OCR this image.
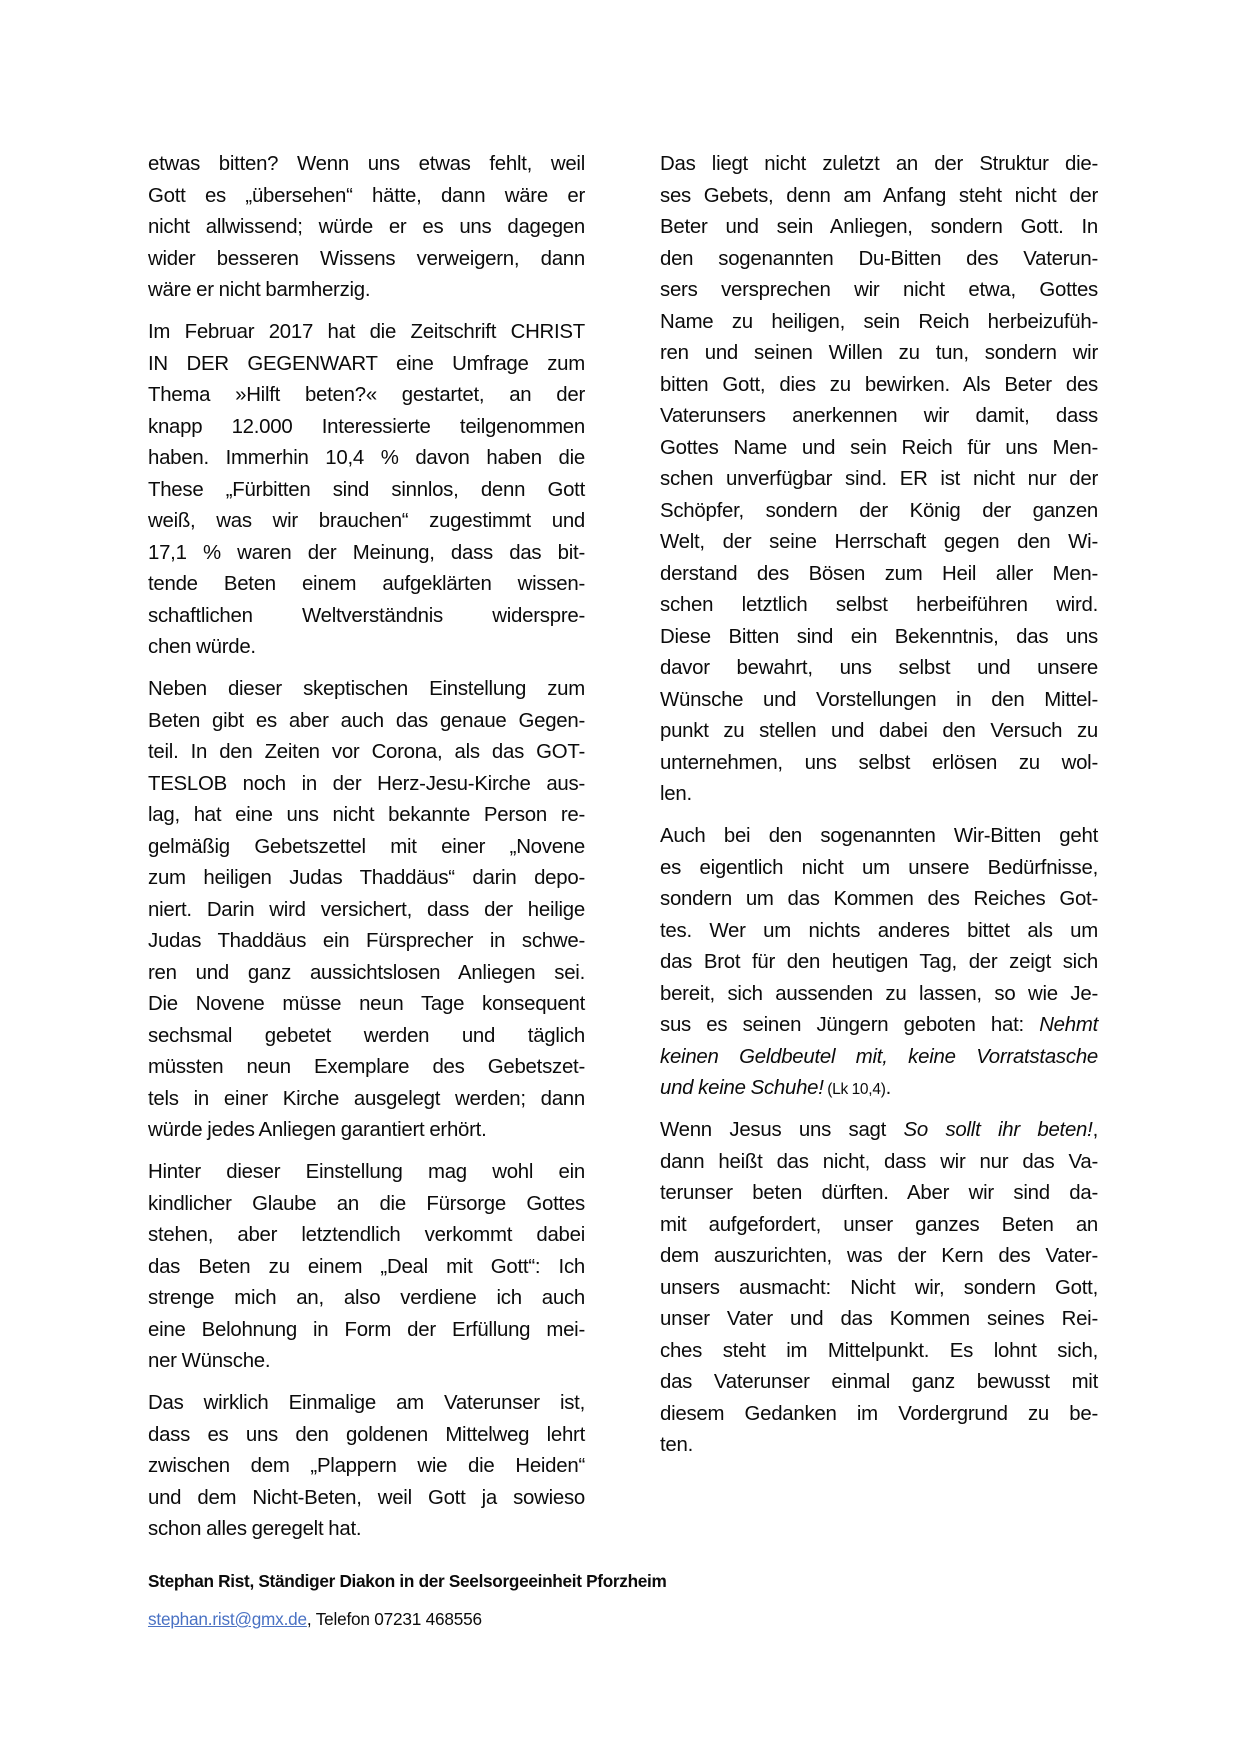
etwas bitten? Wenn uns etwas fehlt, weil
Gott es „übersehen“ hätte, dann wäre er
nicht allwissend; würde er es uns dagegen
wider besseren Wissens verweigern, dann
wäre er nicht barmherzig.
Im Februar 2017 hat die Zeitschrift CHRIST
IN DER GEGENWART eine Umfrage zum
Thema »Hilft beten?« gestartet, an der
knapp 12.000 Interessierte teilgenommen
haben. Immerhin 10,4 % davon haben die
These „Fürbitten sind sinnlos, denn Gott
weiß, was wir brauchen“ zugestimmt und
17,1 % waren der Meinung, dass das bit-
tende Beten einem aufgeklärten wissen-
schaftlichen Weltverständnis widerspre-
chen würde.
Neben dieser skeptischen Einstellung zum
Beten gibt es aber auch das genaue Gegen-
teil. In den Zeiten vor Corona, als das GOT-
TESLOB noch in der Herz-Jesu-Kirche aus-
lag, hat eine uns nicht bekannte Person re-
gelmäßig Gebetszettel mit einer „Novene
zum heiligen Judas Thaddäus“ darin depo-
niert. Darin wird versichert, dass der heilige
Judas Thaddäus ein Fürsprecher in schwe-
ren und ganz aussichtslosen Anliegen sei.
Die Novene müsse neun Tage konsequent
sechsmal gebetet werden und täglich
müssten neun Exemplare des Gebetszet-
tels in einer Kirche ausgelegt werden; dann
würde jedes Anliegen garantiert erhört.
Hinter dieser Einstellung mag wohl ein
kindlicher Glaube an die Fürsorge Gottes
stehen, aber letztendlich verkommt dabei
das Beten zu einem „Deal mit Gott“: Ich
strenge mich an, also verdiene ich auch
eine Belohnung in Form der Erfüllung mei-
ner Wünsche.
Das wirklich Einmalige am Vaterunser ist,
dass es uns den goldenen Mittelweg lehrt
zwischen dem „Plappern wie die Heiden“
und dem Nicht-Beten, weil Gott ja sowieso
schon alles geregelt hat.
Das liegt nicht zuletzt an der Struktur die-
ses Gebets, denn am Anfang steht nicht der
Beter und sein Anliegen, sondern Gott. In
den sogenannten Du-Bitten des Vaterun-
sers versprechen wir nicht etwa, Gottes
Name zu heiligen, sein Reich herbeizufüh-
ren und seinen Willen zu tun, sondern wir
bitten Gott, dies zu bewirken. Als Beter des
Vaterunsers anerkennen wir damit, dass
Gottes Name und sein Reich für uns Men-
schen unverfügbar sind. ER ist nicht nur der
Schöpfer, sondern der König der ganzen
Welt, der seine Herrschaft gegen den Wi-
derstand des Bösen zum Heil aller Men-
schen letztlich selbst herbeiführen wird.
Diese Bitten sind ein Bekenntnis, das uns
davor bewahrt, uns selbst und unsere
Wünsche und Vorstellungen in den Mittel-
punkt zu stellen und dabei den Versuch zu
unternehmen, uns selbst erlösen zu wol-
len.
Auch bei den sogenannten Wir-Bitten geht
es eigentlich nicht um unsere Bedürfnisse,
sondern um das Kommen des Reiches Got-
tes. Wer um nichts anderes bittet als um
das Brot für den heutigen Tag, der zeigt sich
bereit, sich aussenden zu lassen, so wie Je-
sus es seinen Jüngern geboten hat: Nehmt
keinen Geldbeutel mit, keine Vorratstasche
und keine Schuhe! (Lk 10,4).
Wenn Jesus uns sagt So sollt ihr beten!,
dann heißt das nicht, dass wir nur das Va-
terunser beten dürften. Aber wir sind da-
mit aufgefordert, unser ganzes Beten an
dem auszurichten, was der Kern des Vater-
unsers ausmacht: Nicht wir, sondern Gott,
unser Vater und das Kommen seines Rei-
ches steht im Mittelpunkt. Es lohnt sich,
das Vaterunser einmal ganz bewusst mit
diesem Gedanken im Vordergrund zu be-
ten.
Stephan Rist, Ständiger Diakon in der Seelsorgeeinheit Pforzheim
stephan.rist@gmx.de, Telefon 07231 468556
